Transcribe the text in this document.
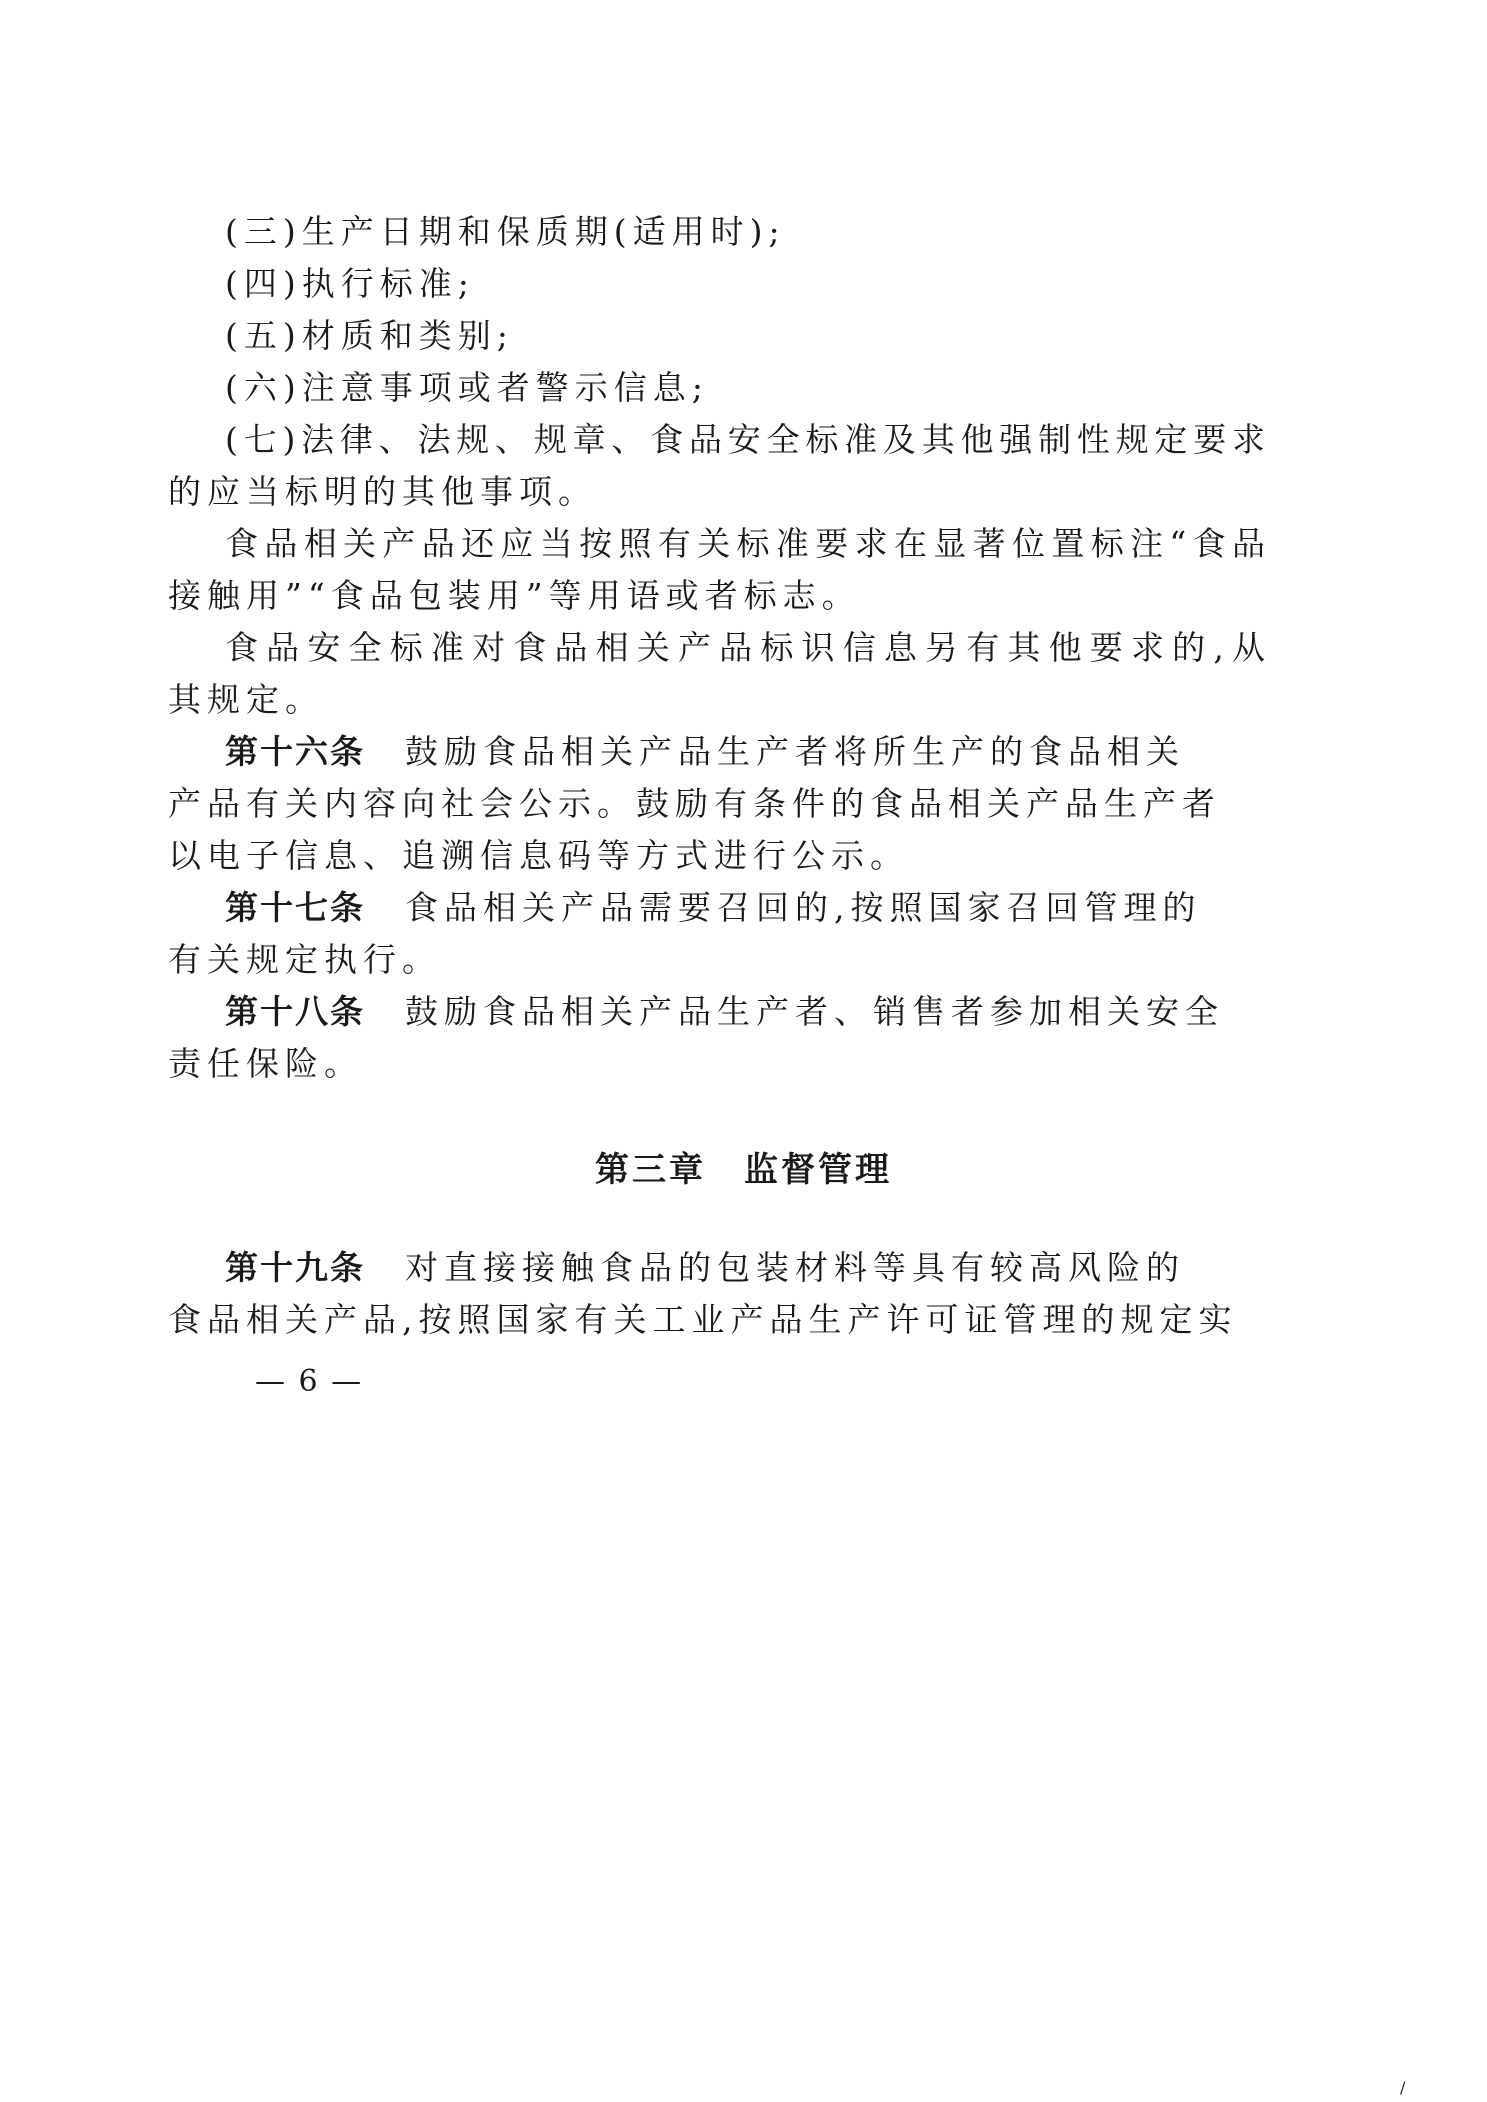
(三)生产日期和保质期(适用时);
(四)执行标准;
(五)材质和类别;
(六)注意事项或者警示信息;
(七)法律、法规、规章、食品安全标准及其他强制性规定要求
的应当标明的其他事项。
食品相关产品还应当按照有关标准要求在显著位置标注“食品
接触用”“食品包装用”等用语或者标志。
食品安全标准对食品相关产品标识信息另有其他要求的,从
其规定。
第十六条 鼓励食品相关产品生产者将所生产的食品相关
产品有关内容向社会公示。鼓励有条件的食品相关产品生产者
以电子信息、追溯信息码等方式进行公示。
第十七条 食品相关产品需要召回的,按照国家召回管理的
有关规定执行。
第十八条 鼓励食品相关产品生产者、销售者参加相关安全
责任保险。
第十九条 对直接接触食品的包装材料等具有较高风险的
食品相关产品,按照国家有关工业产品生产许可证管理的规定实
第三章 监督管理
— 6 —
/
